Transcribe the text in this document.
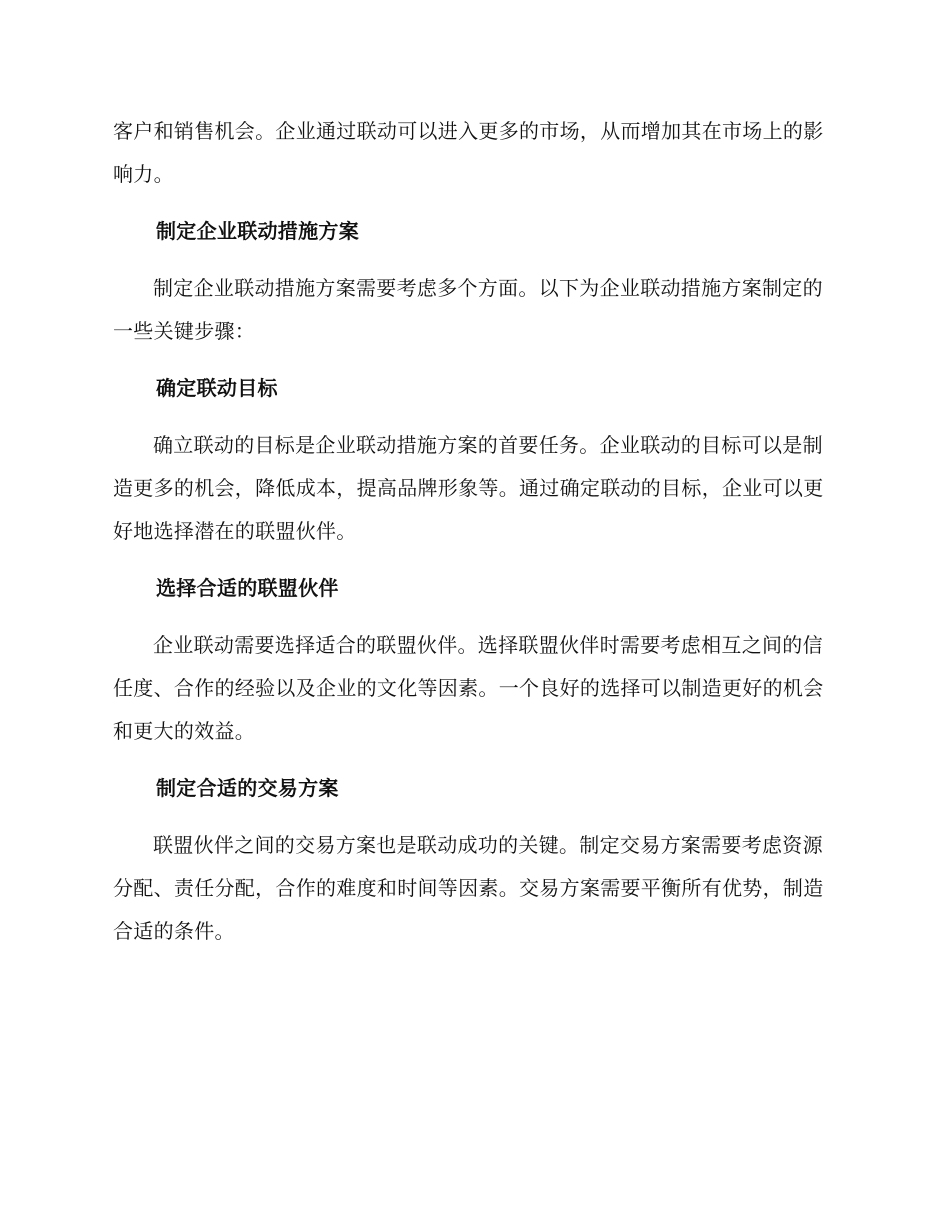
客户和销售机会。企业通过联动可以进入更多的市场，从而增加其在市场上的影响力。

制定企业联动措施方案

制定企业联动措施方案需要考虑多个方面。以下为企业联动措施方案制定的一些关键步骤：

确定联动目标

确立联动的目标是企业联动措施方案的首要任务。企业联动的目标可以是制造更多的机会，降低成本，提高品牌形象等。通过确定联动的目标，企业可以更好地选择潜在的联盟伙伴。

选择合适的联盟伙伴

企业联动需要选择适合的联盟伙伴。选择联盟伙伴时需要考虑相互之间的信任度、合作的经验以及企业的文化等因素。一个良好的选择可以制造更好的机会和更大的效益。

制定合适的交易方案

联盟伙伴之间的交易方案也是联动成功的关键。制定交易方案需要考虑资源分配、责任分配，合作的难度和时间等因素。交易方案需要平衡所有优势，制造合适的条件。
